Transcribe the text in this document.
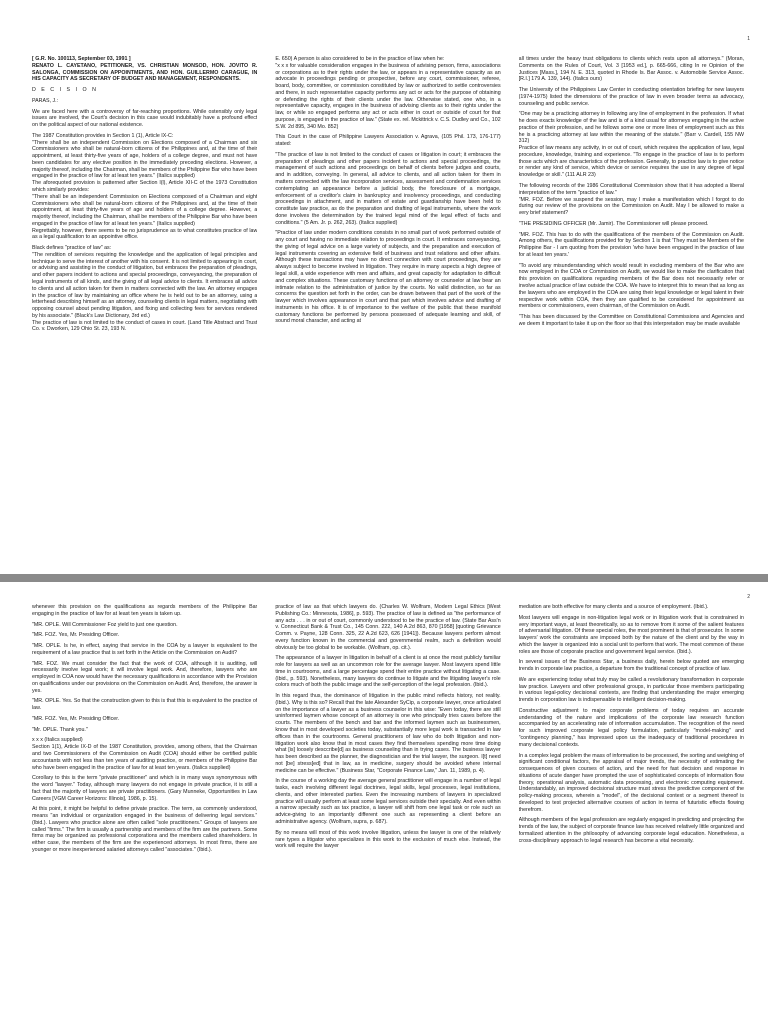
1

[ G.R. No. 100113, September 03, 1991 ]
RENATO L. CAYETANO, PETITIONER, VS. CHRISTIAN MONSOD, HON. JOVITO R. SALONGA, COMMISSION ON APPOINTMENTS, AND HON. GUILLERMO CARAGUE, IN HIS CAPACITY AS SECRETARY OF BUDGET AND MANAGEMENT, RESPONDENTS.

D E C I S I O N

PARAS, J.:

We are faced here with a controversy of far-reaching proportions. While ostensibly only legal issues are involved, the Court's decision in this case would indubitably have a profound effect on the political aspect of our national existence.

The 1987 Constitution provides in Section 1 (1), Article IX-C:
"There shall be an independent Commission on Elections composed of a Chairman and six Commissioners who shall be natural-born citizens of the Philippines and, at the time of their appointment, at least thirty-five years of age, holders of a college degree, and must not have been candidates for any elective position in the immediately preceding elections. However, a majority thereof, including the Chairman, shall be members of the Philippine Bar who have been engaged in the practice of law for at least ten years." (Italics supplied)
The aforequoted provision is patterned after Section l(l), Article XII-C of the 1973 Constitution which similarly provides:
"There shall be an independent Commission on Elections composed of a Chairman and eight Commissioners who shall be natural-born citizens of the Philippines and, at the time of their appointment, at least thirty-five years of age and holders of a college degree. However, a majority thereof, including the Chairman, shall be members of the Philippine Bar who have been engaged in the practice of law for at least ten years." (Italics supplied)
Regrettably, however, there seems to be no jurisprudence as to what constitutes practice of law as a legal qualification to an appointive office.

Black defines "practice of law" as:
"The rendition of services requiring the knowledge and the application of legal principles and technique to serve the interest of another with his consent. It is not limited to appearing in court, or advising and assisting in the conduct of litigation, but embraces the preparation of pleadings, and other papers incident to actions and special proceedings, conveyancing, the preparation of legal instruments of all kinds, and the giving of all legal advice to clients. It embraces all advice to clients and all action taken for them in matters connected with the law. An attorney engages in the practice of law by maintaining an office where he is held out to be an attorney, using a letterhead describing himself as an attorney, counseling clients in legal matters, negotiating with opposing counsel about pending litigation, and fixing and collecting fees for services rendered by his associate." (Black's Law Dictionary, 3rd ed.)
The practice of law is not limited to the conduct of cases in court. (Land Title Abstract and Trust Co. v. Dworken, 129 Ohio St. 23, 193 N.

E. 650) A person is also considered to be in the practice of law when he:
"x x x for valuable consideration engages in the business of advising person, firms, associations or corporations as to their rights under the law, or appears in a representative capacity as an advocate in proceedings pending or prospective, before any court, commissioner, referee, board, body, committee, or commission constituted by law or authorized to settle controversies and there, in such representative capacity performs any act or acts for the purpose of obtaining or defending the rights of their clients under the law. Otherwise stated, one who, in a representative capacity, engages in the business of advising clients as to their rights under the law, or while so engaged performs any act or acts either in court or outside of court for that purpose, is engaged in the practice of law." (State ex. rel. Mckittrick v. C.S. Dudley and Co., 102 S.W. 2d 895, 340 Mo. 852)

This Court in the case of Philippine Lawyers Association v. Agrava, (105 Phil. 173, 176-177) stated:

"The practice of law is not limited to the conduct of cases or litigation in court; it embraces the preparation of pleadings and other papers incident to actions and special proceedings, the management of such actions and proceedings on behalf of clients before judges and courts, and in addition, conveying. In general, all advice to clients, and all action taken for them in matters connected with the law incorporation services, assessment and condemnation services contemplating an appearance before a judicial body, the foreclosure of a mortgage, enforcement of a creditor's claim in bankruptcy and insolvency proceedings, and conducting proceedings in attachment, and in matters of estate and guardianship have been held to constitute law practice, as do the preparation and drafting of legal instruments, where the work done involves the determination by the trained legal mind of the legal effect of facts and conditions." (5 Am. Jr. p. 262, 263). (Italics supplied)

"Practice of law under modern conditions consists in no small part of work performed outside of any court and having no immediate relation to proceedings in court. It embraces conveyancing, the giving of legal advice on a large variety of subjects, and the preparation and execution of legal instruments covering an extensive field of business and trust relations and other affairs. Although these transactions may have no direct connection with court proceedings, they are always subject to become involved in litigation. They require in many aspects a high degree of legal skill, a wide experience with men and affairs, and great capacity for adaptation to difficult and complex situations. These customary functions of an attorney or counselor at law bear an intimate relation to the administration of justice by the courts. No valid distinction, so far as concerns the question set forth in the order, can be drawn between that part of the work of the lawyer which involves appearance in court and that part which involves advice and drafting of instruments in his office. It is of importance to the welfare of the public that these manifold customary functions be performed by persons possessed of adequate learning and skill, of sound moral character, and acting at

all times under the heavy trust obligations to clients which rests upon all attorneys." (Moran, Comments on the Rules of Court, Vol. 3 [1953 ed.], p. 665-666, citing In re Opinion of the Justices [Mass.], 194 N. E. 313, quoted in Rhode Is. Bar Assoc. v. Automobile Service Assoc. [R.I.] 179 A. 139, 144). (Italics ours)

The University of the Philippines Law Center in conducting orientation briefing for new lawyers (1974-1975) listed the dimensions of the practice of law in even broader terms as advocacy, counseling and public service.

"One may be a practicing attorney in following any line of employment in the profession. If what he does exacts knowledge of the law and is of a kind usual for attorneys engaging in the active practice of their profession, and he follows some one or more lines of employment such as this he is a practicing attorney at law within the meaning of the statute." (Barr v. Cardell, 155 NW 312)
Practice of law means any activity, in or out of court, which requires the application of law, legal procedure, knowledge, training and experience. "To engage in the practice of law is to perform those acts which are characteristics of the profession. Generally, to practice law is to give notice or render any kind of service, which device or service requires the use in any degree of legal knowledge or skill." (111 ALR 23)

The following records of the 1986 Constitutional Commission show that it has adopted a liberal interpretation of the term "practice of law."
"MR. FOZ. Before we suspend the session, may I make a manifestation which I forgot to do during our review of the provisions on the Commission on Audit. May I be allowed to make a very brief statement?

"THE PRESIDING OFFICER (Mr. Jamir). The Commissioner will please proceed.

"MR. FOZ. This has to do with the qualifications of the members of the Commission on Audit. Among others, the qualifications provided for by Section 1 is that 'They must be Members of the Philippine Bar - I am quoting from the provision 'who have been engaged in the practice of law for at least ten years.'

"To avoid any misunderstanding which would result in excluding members of the Bar who are now employed in the COA or Commission on Audit, we would like to make the clarification that this provision on qualifications regarding members of the Bar does not necessarily refer or involve actual practice of law outside the COA. We have to interpret this to mean that as long as the lawyers who are employed in the COA are using their legal knowledge or legal talent in their respective work within COA, then they are qualified to be considered for appointment as members or commissioners, even chairman, of the Commission on Audit.

"This has been discussed by the Committee on Constitutional Commissions and Agencies and we deem it important to take it up on the floor so that this interpretation may be made available

2

whenever this provision on the qualifications as regards members of the Philippine Bar engaging in the practice of law for at least ten years is taken up.

"MR. OPLE. Will Commissioner Foz yield to just one question.

"MR. FOZ. Yes, Mr. Presiding Officer.

"MR. OPLE. Is he, in effect, saying that service in the COA by a lawyer is equivalent to the requirement of a law practice that is set forth in the Article on the Commission on Audit?

"MR. FOZ. We must consider the fact that the work of COA, although it is auditing, will necessarily involve legal work; it will involve legal work. And, therefore, lawyers who are employed in COA now would have the necessary qualifications in accordance with the Provision on qualifications under our provisions on the Commission on Audit. And, therefore, the answer is yes.

"MR. OPLE. Yes. So that the construction given to this is that this is equivalent to the practice of law.

"MR. FOZ. Yes, Mr. Presiding Officer.

"Mr. OPLE. Thank you."

x x x (Italics supplied)
Section 1(1), Article IX-D of the 1987 Constitution, provides, among others, that the Chairman and two Commissioners of the Commission on Audit (COA) should either be certified public accountants with not less than ten years of auditing practice, or members of the Philippine Bar who have been engaged in the practice of law for at least ten years. (Italics supplied)

Corollary to this is the term "private practitioner" and which is in many ways synonymous with the word "lawyer." Today, although many lawyers do not engage in private practice, it is still a fact that the majority of lawyers are private practitioners. (Gary Munneke, Opportunities in Law Careers [VGM Career Horizons: Illinois], 1986, p. 15).

At this point, it might be helpful to define private practice. The term, as commonly understood, means "an individual or organization engaged in the business of delivering legal services." (Ibid.). Lawyers who practice alone are often called "sole practitioners." Groups of lawyers are called "firms." The firm is usually a partnership and members of the firm are the partners. Some firms may be organized as professional corporations and the members called shareholders. In either case, the members of the firm are the experienced attorneys. In most firms, there are younger or more inexperienced salaried attorneys called "associates." (Ibid.).

practice of law as that which lawyers do. (Charles W. Wolfram, Modern Legal Ethics [West Publishing Co.: Minnesota, 1986], p. 593). The practice of law is defined as "the performance of any acts . . . in or out of court, commonly understood to be the practice of law. (State Bar Ass'n v. Connecticut Bank & Trust Co., 145 Conn. 222, 140 A.2d 863, 870 [1958] [quoting Grievance Comm. v. Payne, 128 Conn. 325, 22 A.2d 623, 626 [1941]). Because lawyers perform almost every function known in the commercial and governmental realm, such a definition would obviously be too global to be workable. (Wolfram, op. cit.).

The appearance of a lawyer in litigation in behalf of a client is at once the most publicly familiar role for lawyers as well as an uncommon role for the average lawyer. Most lawyers spend little time in courtrooms, and a large percentage spend their entire practice without litigating a case. (Ibid., p. 593). Nonetheless, many lawyers do continue to litigate and the litigating lawyer's role colors much of both the public image and the self-perception of the legal profession. (Ibid.).

In this regard thus, the dominance of litigation in the public mind reflects history, not reality. (Ibid.). Why is this so? Recall that the late Alexander SyCip, a corporate lawyer, once articulated on the importance of a lawyer as a business counselor in this wise: "Even today, there are still uninformed laymen whose concept of an attorney is one who principally tries cases before the courts. The members of the bench and bar and the informed laymen such as businessmen, know that in most developed societies today, substantially more legal work is transacted in law offices than in the courtrooms. General practitioners of law who do both litigation and non-litigation work also know that in most cases they find themselves spending more time doing what [is] loosely desccribe[d] as business counseling than in trying cases. The business lawyer has been described as the planner, the diagnostician and the trial lawyer, the surgeon. I[t] need not [be] stress[ed] that in law, as in medicine, surgery should be avoided where internal medicine can be effective." (Business Star, "Corporate Finance Law," Jan. 11, 1989, p. 4).

In the course of a working day the average general practitioner will engage in a number of legal tasks, each involving different legal doctrines, legal skills, legal processes, legal institutions, clients, and other interested parties. Even the increasing numbers of lawyers in specialized practice will usually perform at least some legal services outside their specialty. And even within a narrow specialty such as tax practice, a lawyer will shift from one legal task or role such as advice-giving to an importantly different one such as representing a client before an administrative agency. (Wolfram, supra, p. 687).

By no means will most of this work involve litigation, unless the lawyer is one of the relatively rare types a litigator who specializes in this work to the exclusion of much else. Instead, the work will require the lawyer

mediation are both effective for many clients and a source of employment. (Ibid.).

Most lawyers will engage in non-litigation legal work or in litigation work that is constrained in very important ways, at least theoretically, so as to remove from it some of the salient features of adversarial litigation. Of these special roles, the most prominent is that of prosecutor. In some lawyers' work the constraints are imposed both by the nature of the client and by the way in which the lawyer is organized into a social unit to perform that work. The most common of these roles are those of corporate practice and government legal service. (Ibid.).

In several issues of the Business Star, a business daily, herein below quoted are emerging trends in corporate law practice, a departure from the traditional concept of practice of law.

We are experiencing today what truly may be called a revolutionary transformation in corporate law practice. Lawyers and other professional groups, in particular those members participating in various legal-policy decisional contexts, are finding that understanding the major emerging trends in corporation law is indispensable to intelligent decision-making.

Constructive adjustment to major corporate problems of today requires an accurate understanding of the nature and implications of the corporate law research function accompanied by an accelerating rate of information accumulation. The recognition of the need for such improved corporate legal policy formulation, particularly "model-making" and "contingency planning," has impressed upon us the inadequacy of traditional procedures in many decisional contexts.

In a complex legal problem the mass of information to be processed, the sorting and weighing of significant conditional factors, the appraisal of major trends, the necessity of estimating the consequences of given courses of action, and the need for fast decision and response in situations of acute danger have prompted the use of sophisticated concepts of information flow theory, operational analysis, automatic data processing, and electronic computing equipment. Understandably, an improved decisional structure must stress the predictive component of the policy-making process, wherein a "model", of the decisional context or a segment thereof is developed to test projected alternative courses of action in terms of futuristic effects flowing therefrom.

Although members of the legal profession are regularly engaged in predicting and projecting the trends of the law, the subject of corporate finance law has received relatively little organized and formalized attention in the philosophy of advancing corporate legal education. Nonetheless, a cross-disciplinary approach to legal research has become a vital necessity.
